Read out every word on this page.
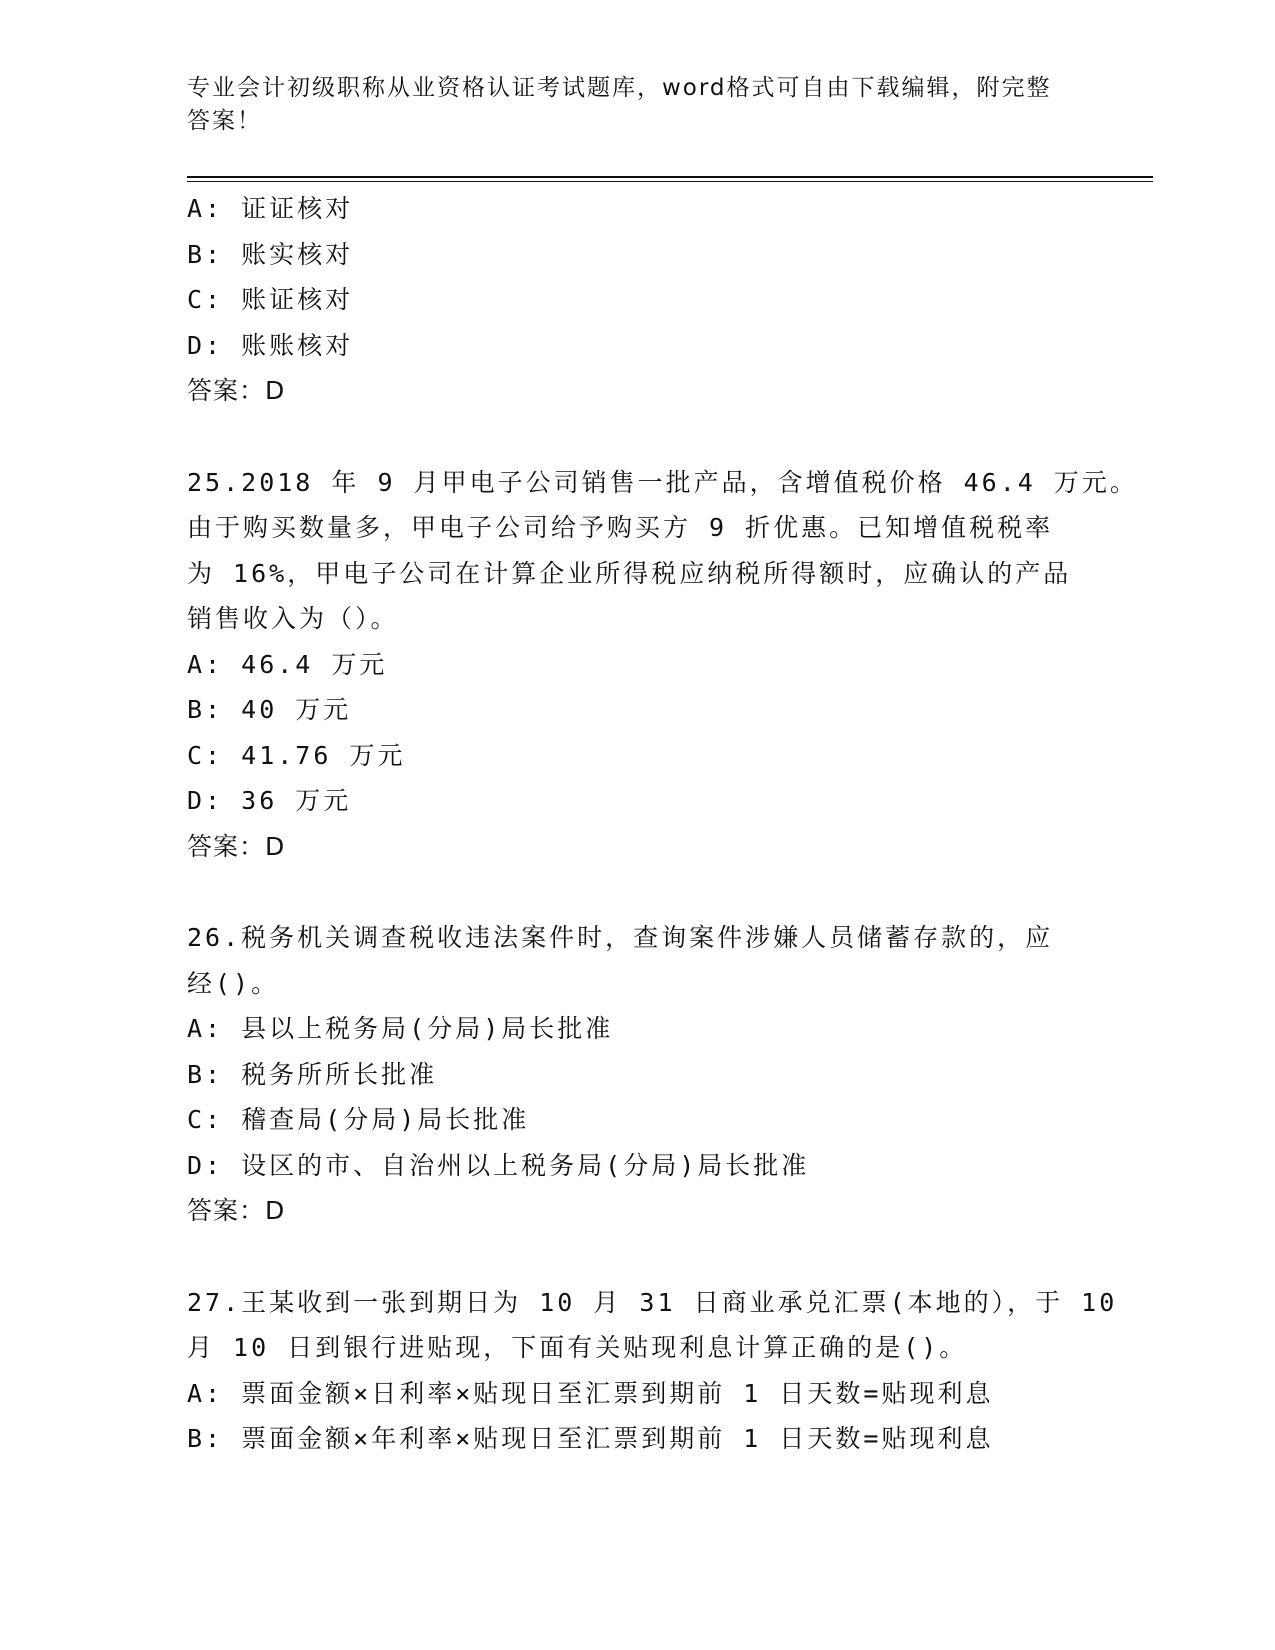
专业会计初级职称从业资格认证考试题库，word格式可自由下载编辑，附完整答案！
A: 证证核对
B: 账实核对
C: 账证核对
D: 账账核对
答案：D
25.2018 年 9 月甲电子公司销售一批产品，含增值税价格 46.4 万元。
由于购买数量多，甲电子公司给予购买方 9 折优惠。已知增值税税率
为 16%，甲电子公司在计算企业所得税应纳税所得额时，应确认的产品
销售收入为（）。
A: 46.4 万元
B: 40 万元
C: 41.76 万元
D: 36 万元
答案：D
26.税务机关调查税收违法案件时，查询案件涉嫌人员储蓄存款的，应
经()。
A: 县以上税务局(分局)局长批准
B: 税务所所长批准
C: 稽查局(分局)局长批准
D: 设区的市、自治州以上税务局(分局)局长批准
答案：D
27.王某收到一张到期日为 10 月 31 日商业承兑汇票(本地的），于 10
月 10 日到银行进贴现，下面有关贴现利息计算正确的是()。
A: 票面金额×日利率×贴现日至汇票到期前 1 日天数=贴现利息
B: 票面金额×年利率×贴现日至汇票到期前 1 日天数=贴现利息
